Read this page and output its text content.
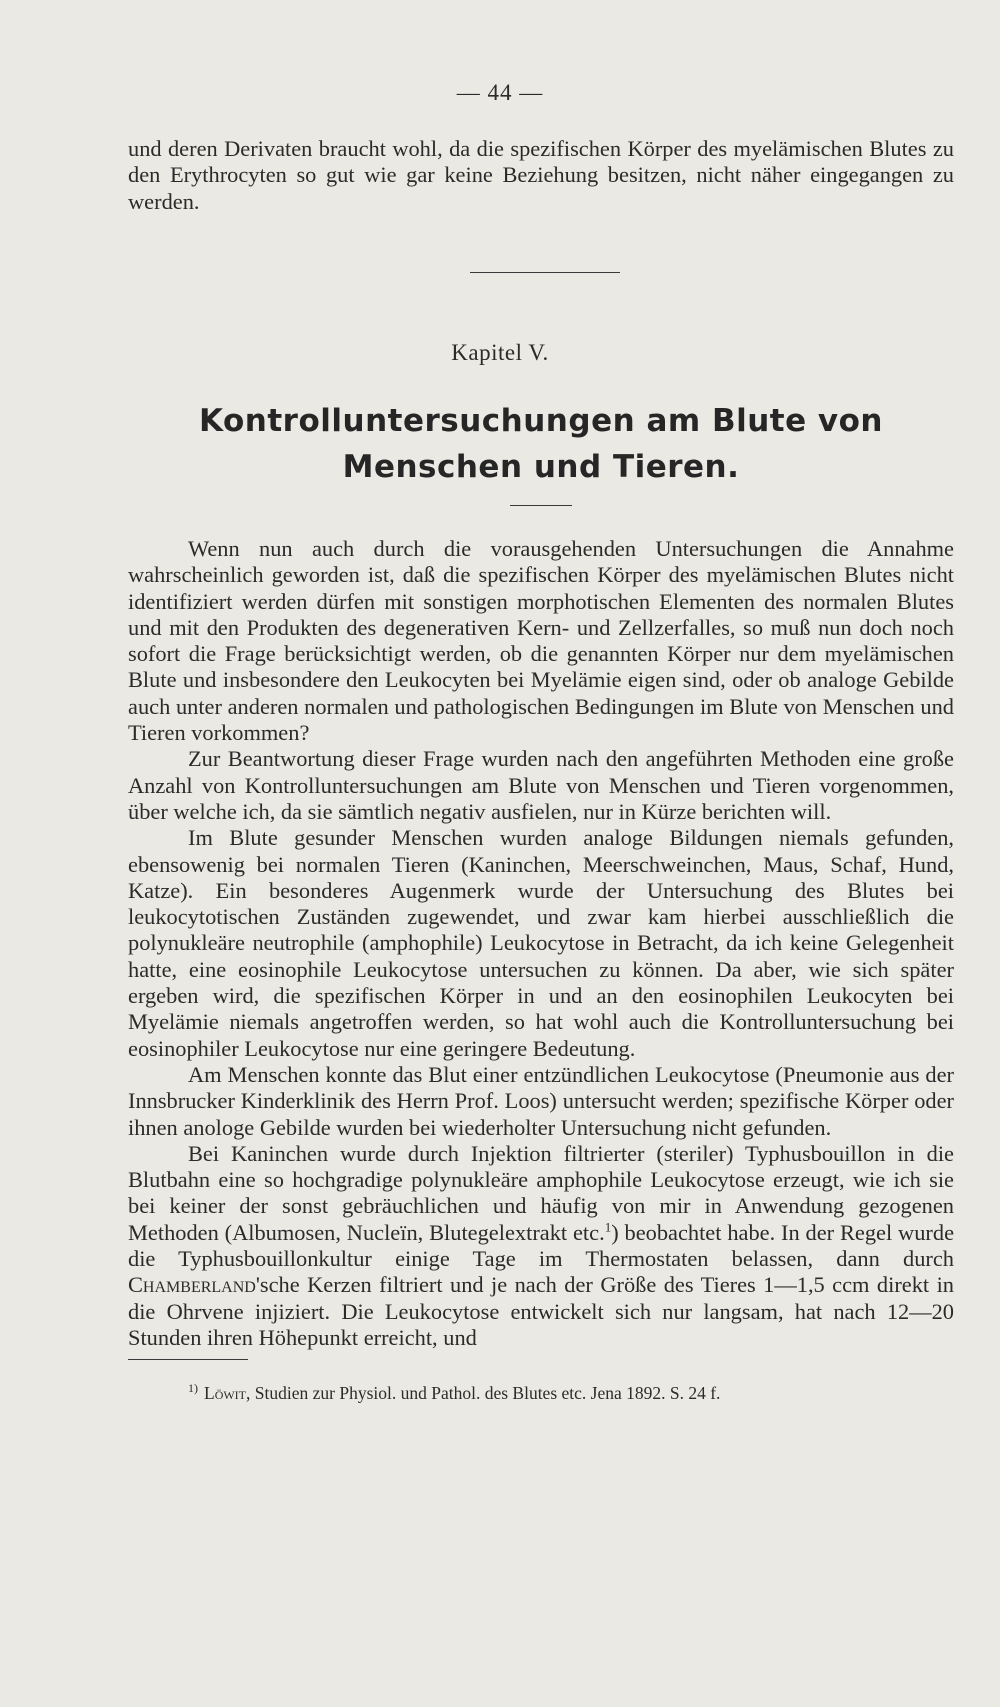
— 44 —

und deren Derivaten braucht wohl, da die spezifischen Körper des myelämischen Blutes zu den Erythrocyten so gut wie gar keine Beziehung besitzen, nicht näher eingegangen zu werden.

Kapitel V.
Kontrolluntersuchungen am Blute von Menschen und Tieren.

Wenn nun auch durch die vorausgehenden Untersuchungen die Annahme wahrscheinlich geworden ist, daß die spezifischen Körper des myelämischen Blutes nicht identifiziert werden dürfen mit sonstigen morphotischen Elementen des normalen Blutes und mit den Produkten des degenerativen Kern- und Zellzerfalles, so muß nun doch noch sofort die Frage berücksichtigt werden, ob die genannten Körper nur dem myelämischen Blute und insbesondere den Leukocyten bei Myelämie eigen sind, oder ob analoge Gebilde auch unter anderen normalen und pathologischen Bedingungen im Blute von Menschen und Tieren vorkommen?

Zur Beantwortung dieser Frage wurden nach den angeführten Methoden eine große Anzahl von Kontrolluntersuchungen am Blute von Menschen und Tieren vorgenommen, über welche ich, da sie sämtlich negativ ausfielen, nur in Kürze berichten will.

Im Blute gesunder Menschen wurden analoge Bildungen niemals gefunden, ebensowenig bei normalen Tieren (Kaninchen, Meerschweinchen, Maus, Schaf, Hund, Katze). Ein besonderes Augenmerk wurde der Untersuchung des Blutes bei leukocytotischen Zuständen zugewendet, und zwar kam hierbei ausschließlich die polynukleäre neutrophile (amphophile) Leukocytose in Betracht, da ich keine Gelegenheit hatte, eine eosinophile Leukocytose untersuchen zu können. Da aber, wie sich später ergeben wird, die spezifischen Körper in und an den eosinophilen Leukocyten bei Myelämie niemals angetroffen werden, so hat wohl auch die Kontrolluntersuchung bei eosinophiler Leukocytose nur eine geringere Bedeutung.

Am Menschen konnte das Blut einer entzündlichen Leukocytose (Pneumonie aus der Innsbrucker Kinderklinik des Herrn Prof. Loos) untersucht werden; spezifische Körper oder ihnen anologe Gebilde wurden bei wiederholter Untersuchung nicht gefunden.

Bei Kaninchen wurde durch Injektion filtrierter (steriler) Typhusbouillon in die Blutbahn eine so hochgradige polynukleäre amphophile Leukocytose erzeugt, wie ich sie bei keiner der sonst gebräuchlichen und häufig von mir in Anwendung gezogenen Methoden (Albumosen, Nucleïn, Blutegelextrakt etc.$^1$) beobachtet habe. In der Regel wurde die Typhusbouillonkultur einige Tage im Thermostaten belassen, dann durch Chamberland'sche Kerzen filtriert und je nach der Größe des Tieres 1—1,5 ccm direkt in die Ohrvene injiziert. Die Leukocytose entwickelt sich nur langsam, hat nach 12—20 Stunden ihren Höhepunkt erreicht, und

$^{1)}$ Löwit, Studien zur Physiol. und Pathol. des Blutes etc. Jena 1892. S. 24 f.
